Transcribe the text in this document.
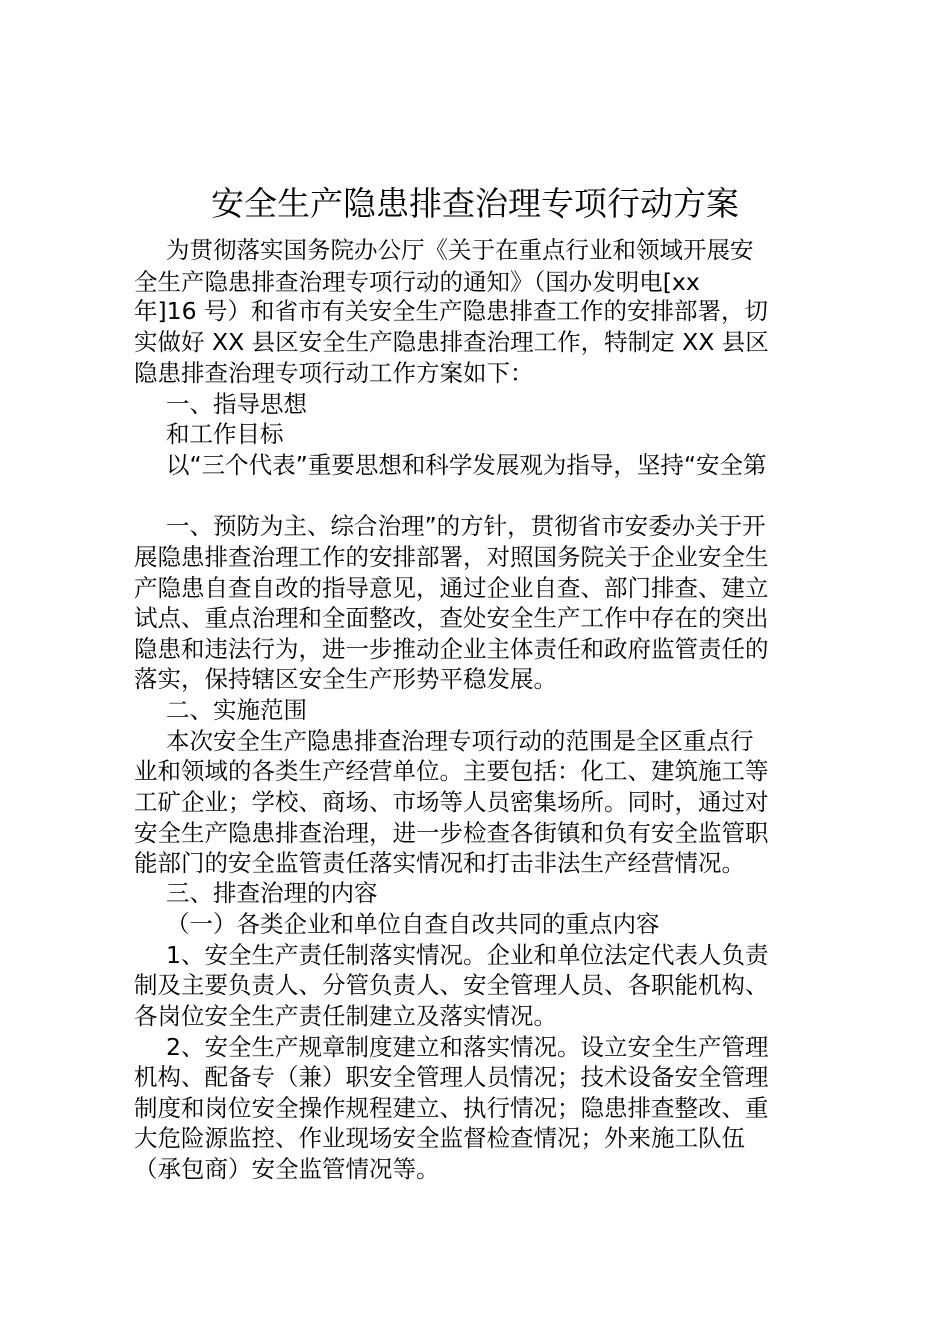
安全生产隐患排查治理专项行动方案
为贯彻落实国务院办公厅《关于在重点行业和领域开展安
全生产隐患排查治理专项行动的通知》（国办发明电[xx
年]16 号）和省市有关安全生产隐患排查工作的安排部署，切
实做好 XX 县区安全生产隐患排查治理工作，特制定 XX 县区
隐患排查治理专项行动工作方案如下：
一、指导思想
和工作目标
以“三个代表”重要思想和科学发展观为指导，坚持“安全第
一、预防为主、综合治理”的方针，贯彻省市安委办关于开
展隐患排查治理工作的安排部署，对照国务院关于企业安全生
产隐患自查自改的指导意见，通过企业自查、部门排查、建立
试点、重点治理和全面整改，查处安全生产工作中存在的突出
隐患和违法行为，进一步推动企业主体责任和政府监管责任的
落实，保持辖区安全生产形势平稳发展。
二、实施范围
本次安全生产隐患排查治理专项行动的范围是全区重点行
业和领域的各类生产经营单位。主要包括：化工、建筑施工等
工矿企业；学校、商场、市场等人员密集场所。同时，通过对
安全生产隐患排查治理，进一步检查各街镇和负有安全监管职
能部门的安全监管责任落实情况和打击非法生产经营情况。
三、排查治理的内容
（一）各类企业和单位自查自改共同的重点内容
1、安全生产责任制落实情况。企业和单位法定代表人负责
制及主要负责人、分管负责人、安全管理人员、各职能机构、
各岗位安全生产责任制建立及落实情况。
2、安全生产规章制度建立和落实情况。设立安全生产管理
机构、配备专（兼）职安全管理人员情况；技术设备安全管理
制度和岗位安全操作规程建立、执行情况；隐患排查整改、重
大危险源监控、作业现场安全监督检查情况；外来施工队伍
（承包商）安全监管情况等。
